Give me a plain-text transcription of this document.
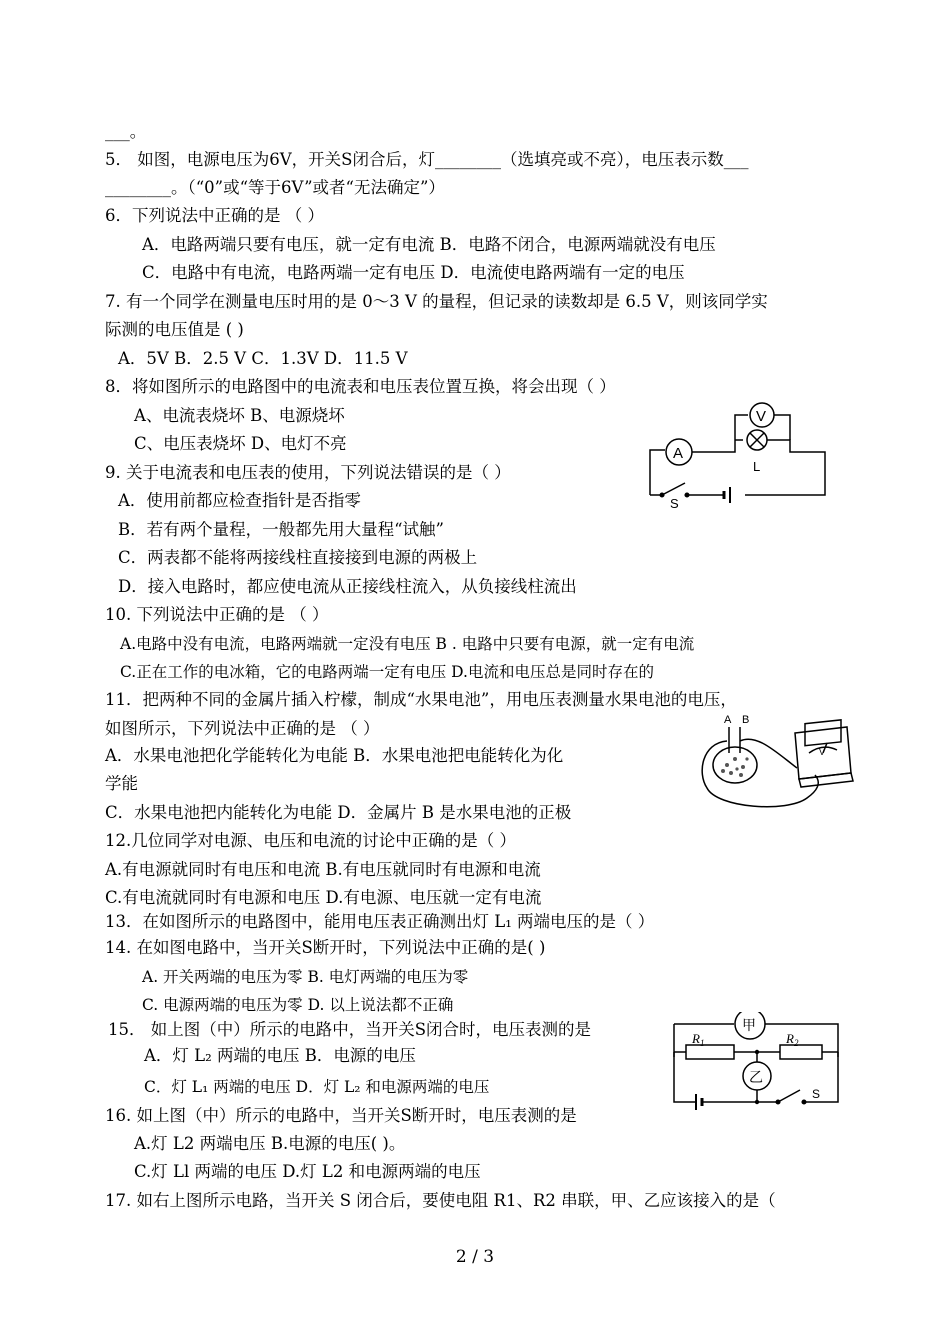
___。
5． 如图，电源电压为6V，开关S闭合后，灯________（选填亮或不亮），电压表示数___
________。（“0”或“等于6V”或者“无法确定”）
6．下列说法中正确的是 （ ）
A．电路两端只要有电压，就一定有电流 B．电路不闭合，电源两端就没有电压
C．电路中有电流，电路两端一定有电压 D．电流使电路两端有一定的电压
7. 有一个同学在测量电压时用的是 0～3 V 的量程，但记录的读数却是 6.5 V，则该同学实
际测的电压值是 ( )
A．5V B．2.5 V C．1.3V D．11.5 V
8．将如图所示的电路图中的电流表和电压表位置互换，将会出现（ ）
A、电流表烧坏 B、电源烧坏
C、电压表烧坏 D、电灯不亮
9. 关于电流表和电压表的使用，下列说法错误的是（ ）
A．使用前都应检查指针是否指零
B．若有两个量程，一般都先用大量程“试触”
C．两表都不能将两接线柱直接接到电源的两极上
D．接入电路时，都应使电流从正接线柱流入，从负接线柱流出
10. 下列说法中正确的是 （ ）
A.电路中没有电流，电路两端就一定没有电压 B . 电路中只要有电源，就一定有电流
C.正在工作的电冰箱，它的电路两端一定有电压 D.电流和电压总是同时存在的
11．把两种不同的金属片插入柠檬，制成“水果电池”，用电压表测量水果电池的电压，
如图所示，下列说法中正确的是 （ ）
A．水果电池把化学能转化为电能 B．水果电池把电能转化为化
学能
C．水果电池把内能转化为电能 D．金属片 B 是水果电池的正极
12.几位同学对电源、电压和电流的讨论中正确的是（ ）
A.有电源就同时有电压和电流 B.有电压就同时有电源和电流
C.有电流就同时有电源和电压 D.有电源、电压就一定有电流
13．在如图所示的电路图中，能用电压表正确测出灯 L₁ 两端电压的是（ ）
14. 在如图电路中，当开关S断开时，下列说法中正确的是( )
A. 开关两端的电压为零 B. 电灯两端的电压为零
C. 电源两端的电压为零 D. 以上说法都不正确
15． 如上图（中）所示的电路中，当开关S闭合时，电压表测的是
A．灯 L₂ 两端的电压 B．电源的电压
C．灯 L₁ 两端的电压 D．灯 L₂ 和电源两端的电压
16. 如上图（中）所示的电路中，当开关S断开时，电压表测的是
A.灯 L2 两端电压 B.电源的电压( )。
C.灯 Ll 两端的电压 D.灯 L2 和电源两端的电压
17. 如右上图所示电路，当开关 S 闭合后，要使电阻 R1、R2 串联，甲、乙应该接入的是（
V
A
L
S
A B
V
甲
乙
$R_1$	$R_2$
S
2 / 3
